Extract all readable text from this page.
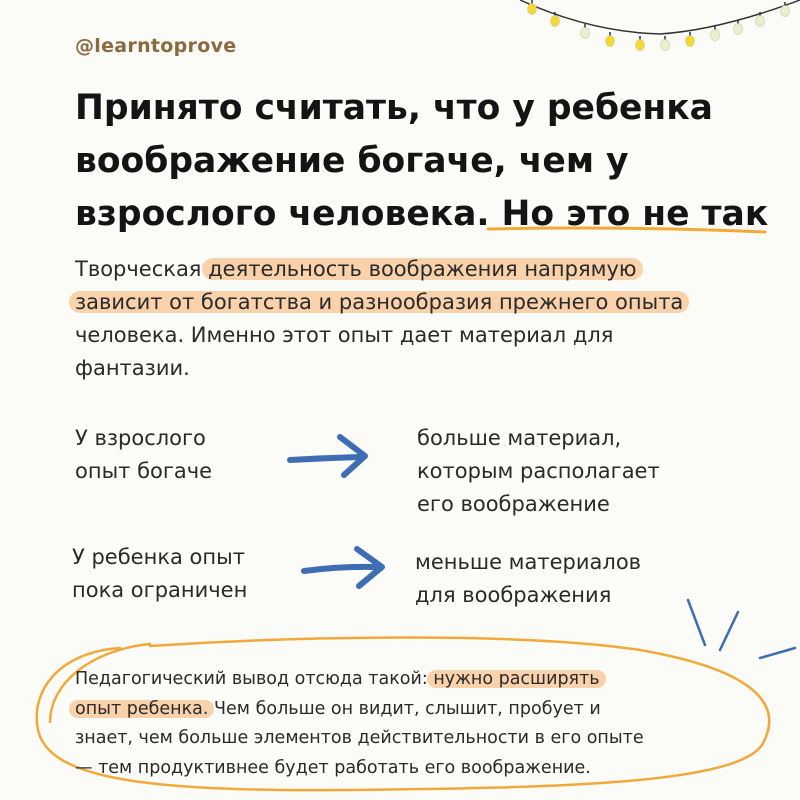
@learntoprove
Принято считать, что у ребенка
воображение богаче, чем у
взрослого человека. Но это не так
Творческая деятельность воображения напрямую
зависит от богатства и разнообразия прежнего опыта
человека. Именно этот опыт дает материал для
фантазии.
У взрослого
опыт богаче
больше материал,
которым располагает
его воображение
У ребенка опыт
пока ограничен
меньше материалов
для воображения
Педагогический вывод отсюда такой: нужно расширять
опыт ребенка. Чем больше он видит, слышит, пробует и
знает, чем больше элементов действительности в его опыте
— тем продуктивнее будет работать его воображение.
